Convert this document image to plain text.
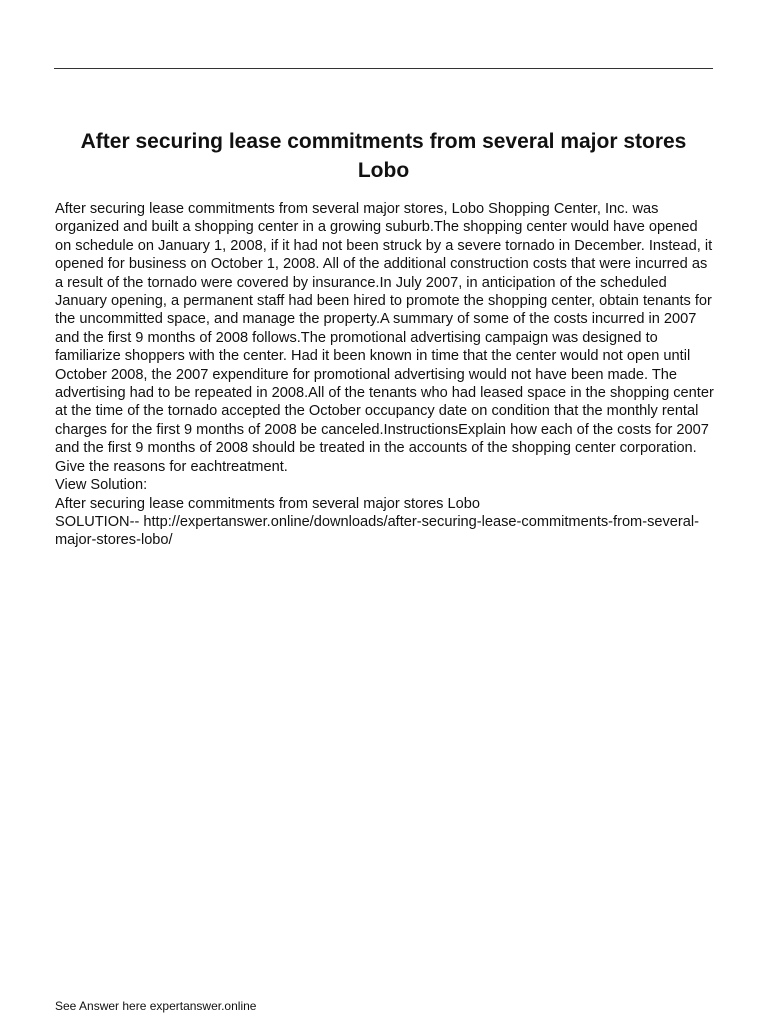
After securing lease commitments from several major stores Lobo

After securing lease commitments from several major stores, Lobo Shopping Center, Inc. was organized and built a shopping center in a growing suburb.The shopping center would have opened on schedule on January 1, 2008, if it had not been struck by a severe tornado in December. Instead, it opened for business on October 1, 2008. All of the additional construction costs that were incurred as a result of the tornado were covered by insurance.In July 2007, in anticipation of the scheduled January opening, a permanent staff had been hired to promote the shopping center, obtain tenants for the uncommitted space, and manage the property.A summary of some of the costs incurred in 2007 and the first 9 months of 2008 follows.The promotional advertising campaign was designed to familiarize shoppers with the center. Had it been known in time that the center would not open until October 2008, the 2007 expenditure for promotional advertising would not have been made. The advertising had to be repeated in 2008.All of the tenants who had leased space in the shopping center at the time of the tornado accepted the October occupancy date on condition that the monthly rental charges for the first 9 months of 2008 be canceled.InstructionsExplain how each of the costs for 2007 and the first 9 months of 2008 should be treated in the accounts of the shopping center corporation. Give the reasons for eachtreatment.

View Solution:

After securing lease commitments from several major stores Lobo

SOLUTION-- http://expertanswer.online/downloads/after-securing-lease-commitments-from-several-major-stores-lobo/

See Answer here expertanswer.online
